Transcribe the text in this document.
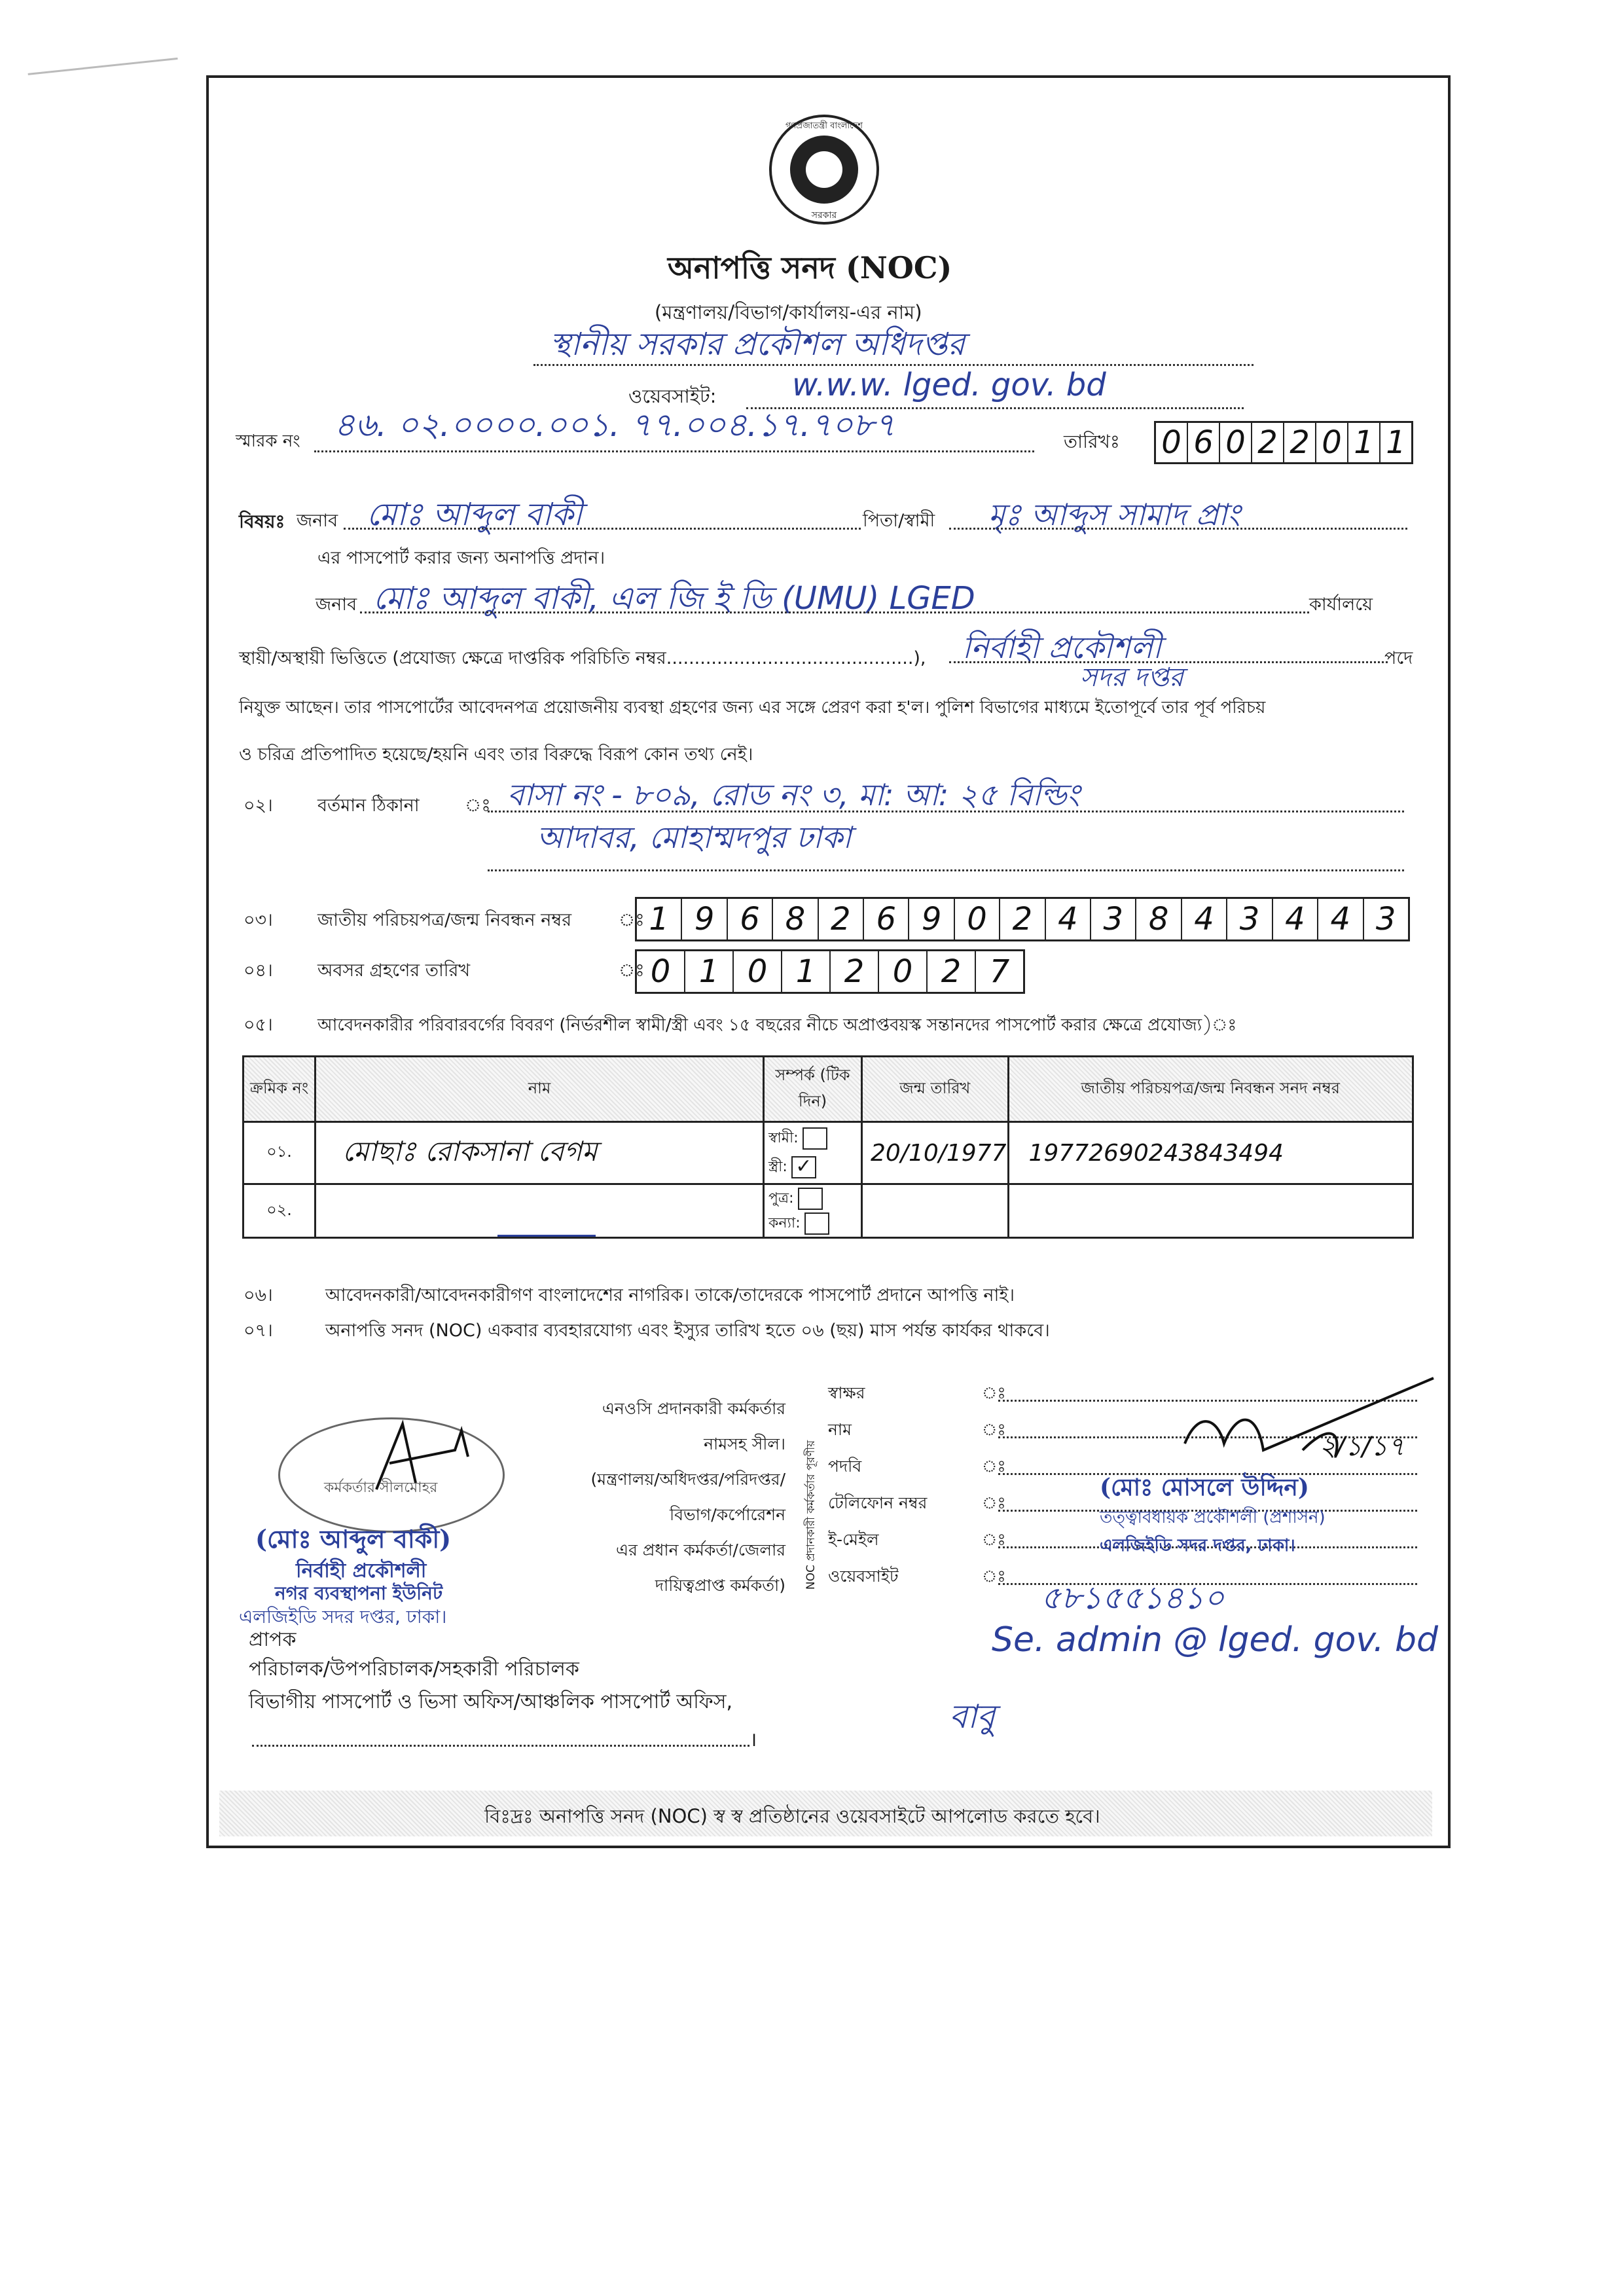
গণপ্রজাতন্ত্রী বাংলাদেশ
সরকার
অনাপত্তি সনদ (NOC)
(মন্ত্রণালয়/বিভাগ/কার্যালয়-এর নাম)
স্থানীয় সরকার প্রকৌশল অধিদপ্তর
ওয়েবসাইট: w.w.w. lged. gov. bd
স্মারক নং ৪৬. ০২.০০০০.০০১. ৭৭.০০৪.১৭.৭০৮৭	তারিখঃ 0 6 0 2 2 0 1 1
বিষয়ঃ জনাব মোঃ আব্দুল বাকী	পিতা/স্বামী মৃঃ আব্দুস সামাদ প্রাং
এর পাসপোর্ট করার জন্য অনাপত্তি প্রদান।
জনাব মোঃ আব্দুল বাকী, এল জি ই ডি (UMU) LGED	কার্যালয়ে
স্থায়ী/অস্থায়ী ভিত্তিতে (প্রযোজ্য ক্ষেত্রে দাপ্তরিক পরিচিতি নম্বর............................................), নির্বাহী প্রকৌশলী	পদে
সদর দপ্তর
নিযুক্ত আছেন। তার পাসপোর্টের আবেদনপত্র প্রয়োজনীয় ব্যবস্থা গ্রহণের জন্য এর সঙ্গে প্রেরণ করা হ'ল। পুলিশ বিভাগের মাধ্যমে ইতোপূর্বে তার পূর্ব পরিচয়
ও চরিত্র প্রতিপাদিত হয়েছে/হয়নি এবং তার বিরুদ্ধে বিরূপ কোন তথ্য নেই।
০২।	বর্তমান ঠিকানা	ঃ বাসা নং - ৮০৯, রোড নং ৩, মা: আ: ২৫ বিল্ডিং
আদাবর, মোহাম্মদপুর ঢাকা
০৩।	জাতীয় পরিচয়পত্র/জন্ম নিবন্ধন নম্বর	ঃ 1 9 6 8 2 6 9 0 2 4 3 8 4 3 4 4 3
০৪।	অবসর গ্রহণের তারিখ	ঃ 0 1 0 1 2 0 2 7
০৫।	আবেদনকারীর পরিবারবর্গের বিবরণ (নির্ভরশীল স্বামী/স্ত্রী এবং ১৫ বছরের নীচে অপ্রাপ্তবয়স্ক সন্তানদের পাসপোর্ট করার ক্ষেত্রে প্রযোজ্য)ঃ
ক্রমিক নং	নাম	সম্পর্ক (টিক দিন)	জন্ম তারিখ	জাতীয় পরিচয়পত্র/জন্ম নিবন্ধন সনদ নম্বর
০১.	মোছাঃ রোকসানা বেগম	স্বামী:
স্ত্রী: ✓	20/10/1977	19772690243843494
০২.		পুত্র:
কন্যা:		

০৬।	আবেদনকারী/আবেদনকারীগণ বাংলাদেশের নাগরিক। তাকে/তাদেরকে পাসপোর্ট প্রদানে আপত্তি নাই।
০৭।	অনাপত্তি সনদ (NOC) একবার ব্যবহারযোগ্য এবং ইস্যুর তারিখ হতে ০৬ (ছয়) মাস পর্যন্ত কার্যকর থাকবে।
এনওসি প্রদানকারী কর্মকর্তার
নামসহ সীল।
(মন্ত্রণালয়/অধিদপ্তর/পরিদপ্তর/
বিভাগ/কর্পোরেশন
এর প্রধান কর্মকর্তা/জেলার
দায়িত্বপ্রাপ্ত কর্মকর্তা) NOC প্রদানকারী কর্মকর্তার পূরণীয়
স্বাক্ষর	ঃ
নাম	ঃ
পদবি	ঃ
টেলিফোন নম্বর	ঃ
ই-মেইল	ঃ
ওয়েবসাইট	ঃ
কর্মকর্তার সীলমোহর
(মোঃ আব্দুল বাকী)
নির্বাহী প্রকৌশলী
নগর ব্যবস্থাপনা ইউনিট
এলজিইডি সদর দপ্তর, ঢাকা।
২/১/১৭
(মোঃ মোসলে উদ্দিন)
তত্ত্বাবধায়ক প্রকৌশলী (প্রশাসন)
এলজিইডি সদর দপ্তর, ঢাকা।
৫৮১৫৫১৪১০
Se. admin @ lged. gov. bd
প্রাপক
পরিচালক/উপপরিচালক/সহকারী পরিচালক
বিভাগীয় পাসপোর্ট ও ভিসা অফিস/আঞ্চলিক পাসপোর্ট অফিস,
।
বাবু
বিঃদ্রঃ অনাপত্তি সনদ (NOC) স্ব স্ব প্রতিষ্ঠানের ওয়েবসাইটে আপলোড করতে হবে।
